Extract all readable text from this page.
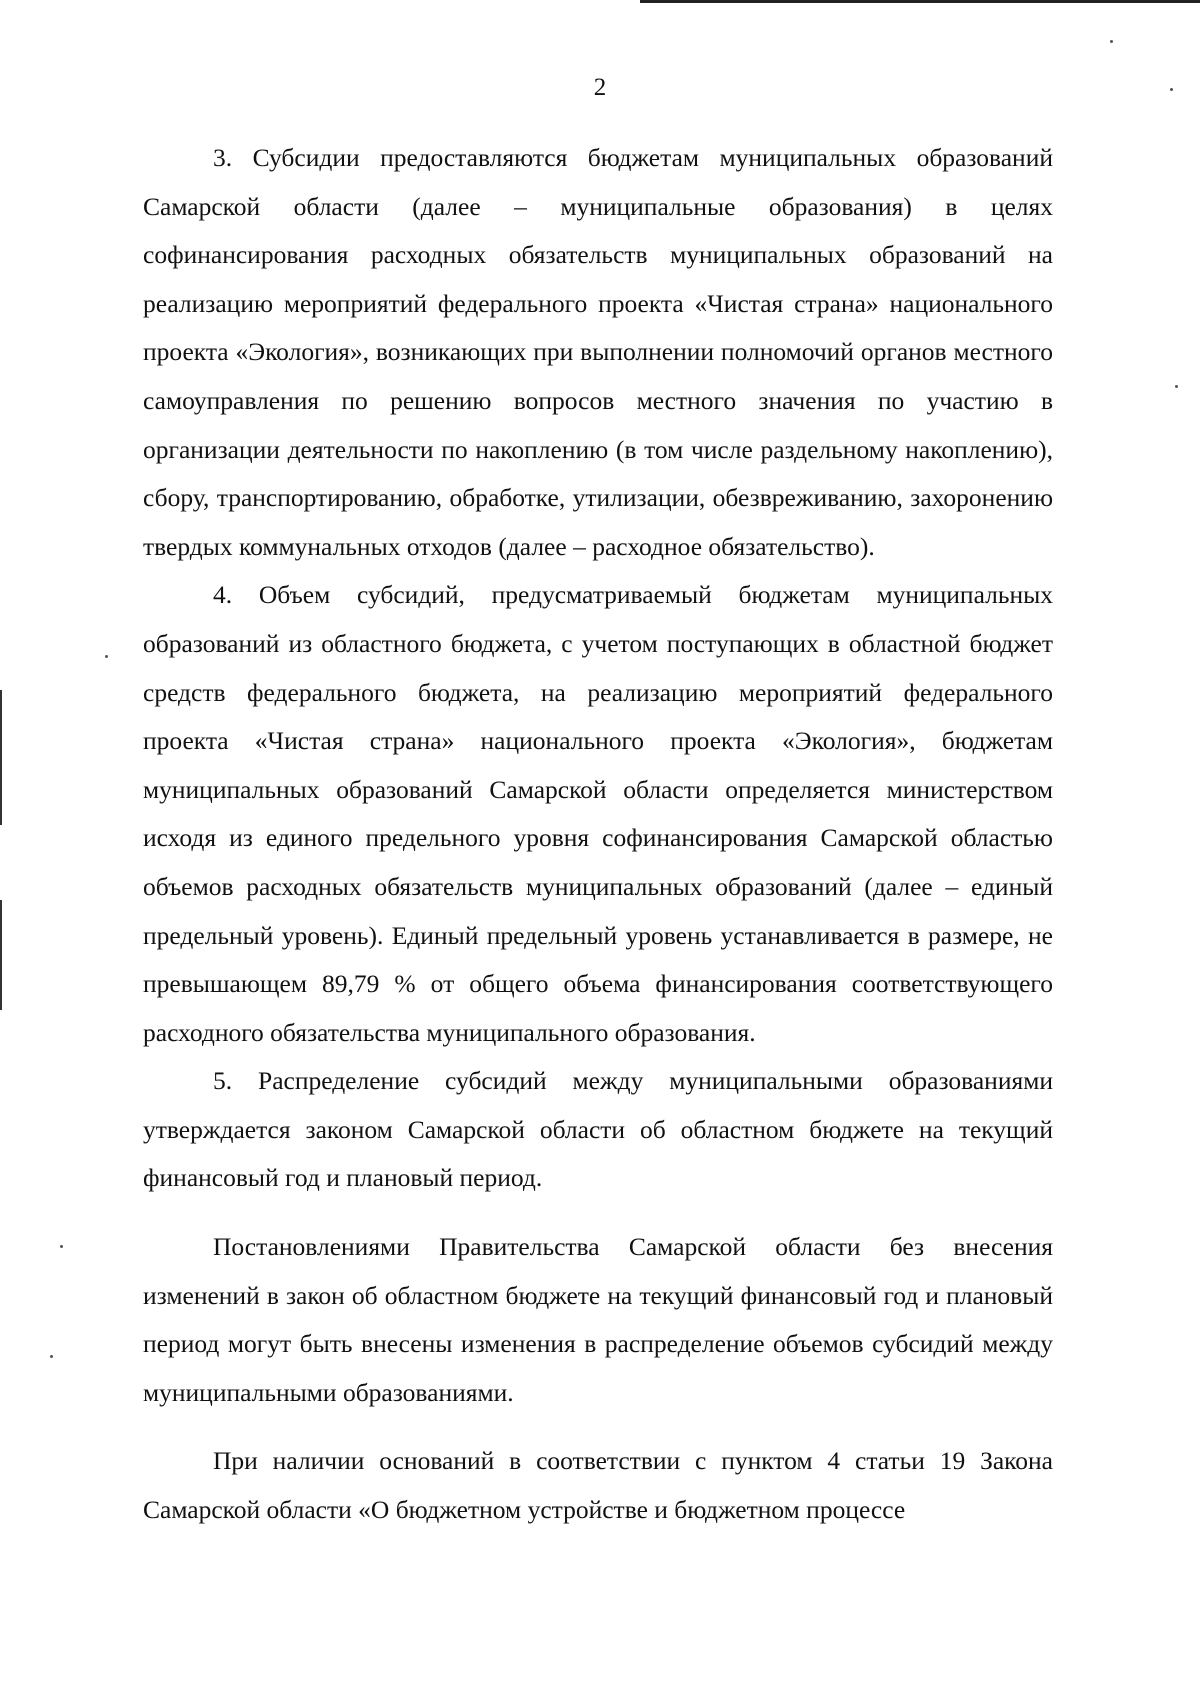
2

3. Субсидии предоставляются бюджетам муниципальных образований Самарской области (далее – муниципальные образования) в целях софинансирования расходных обязательств муниципальных образований на реализацию мероприятий федерального проекта «Чистая страна» национального проекта «Экология», возникающих при выполнении полномочий органов местного самоуправления по решению вопросов местного значения по участию в организации деятельности по накоплению (в том числе раздельному накоплению), сбору, транспортированию, обработке, утилизации, обезвреживанию, захоронению твердых коммунальных отходов (далее – расходное обязательство).

4. Объем субсидий, предусматриваемый бюджетам муниципальных образований из областного бюджета, с учетом поступающих в областной бюджет средств федерального бюджета, на реализацию мероприятий федерального проекта «Чистая страна» национального проекта «Экология», бюджетам муниципальных образований Самарской области определяется министерством исходя из единого предельного уровня софинансирования Самарской областью объемов расходных обязательств муниципальных образований (далее – единый предельный уровень). Единый предельный уровень устанавливается в размере, не превышающем 89,79 % от общего объема финансирования соответствующего расходного обязательства муниципального образования.

5. Распределение субсидий между муниципальными образованиями утверждается законом Самарской области об областном бюджете на текущий финансовый год и плановый период.

Постановлениями Правительства Самарской области без внесения изменений в закон об областном бюджете на текущий финансовый год и плановый период могут быть внесены изменения в распределение объемов субсидий между муниципальными образованиями.

При наличии оснований в соответствии с пунктом 4 статьи 19 Закона Самарской области «О бюджетном устройстве и бюджетном процессе
